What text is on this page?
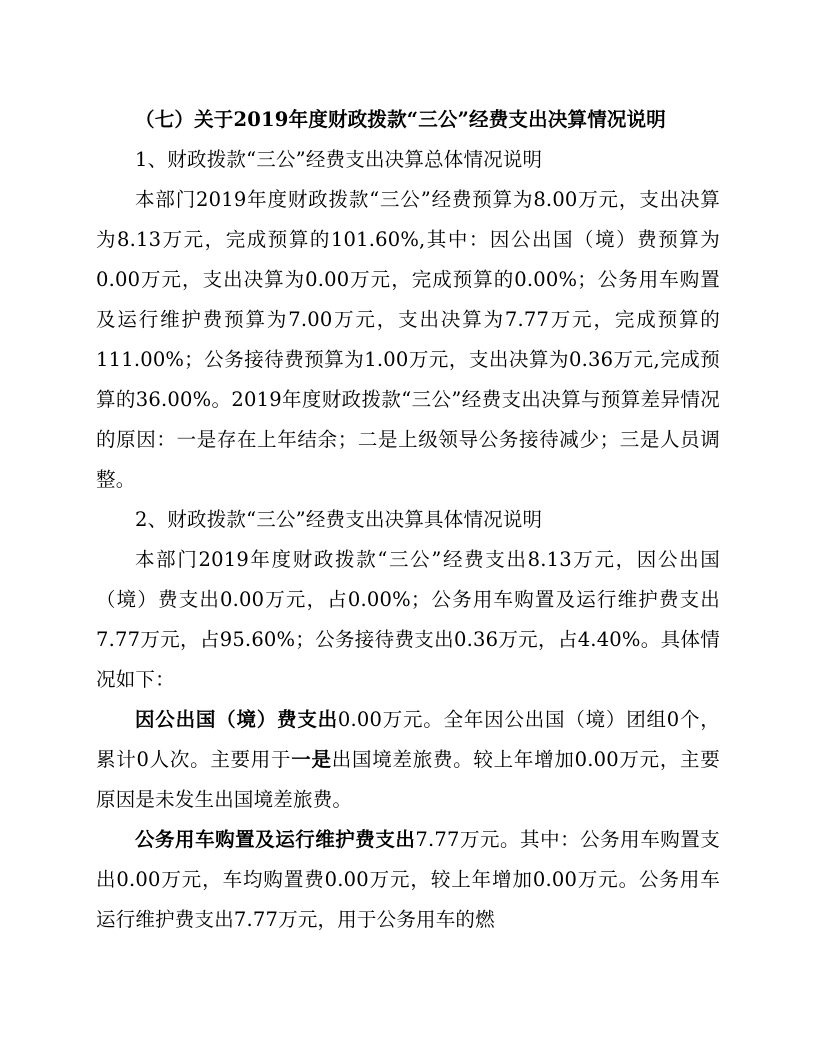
（七）关于2019年度财政拨款“三公”经费支出决算情况说明

1、财政拨款“三公”经费支出决算总体情况说明

本部门2019年度财政拨款“三公”经费预算为8.00万元，支出决算为8.13万元，完成预算的101.60%,其中：因公出国（境）费预算为0.00万元，支出决算为0.00万元，完成预算的0.00%；公务用车购置及运行维护费预算为7.00万元，支出决算为7.77万元，完成预算的111.00%；公务接待费预算为1.00万元，支出决算为0.36万元,完成预算的36.00%。2019年度财政拨款“三公”经费支出决算与预算差异情况的原因：一是存在上年结余；二是上级领导公务接待减少；三是人员调整。

2、财政拨款“三公”经费支出决算具体情况说明

本部门2019年度财政拨款“三公”经费支出8.13万元，因公出国（境）费支出0.00万元，占0.00%；公务用车购置及运行维护费支出7.77万元，占95.60%；公务接待费支出0.36万元，占4.40%。具体情况如下：

因公出国（境）费支出0.00万元。全年因公出国（境）团组0个，累计0人次。主要用于一是出国境差旅费。较上年增加0.00万元，主要原因是未发生出国境差旅费。

公务用车购置及运行维护费支出7.77万元。其中：公务用车购置支出0.00万元，车均购置费0.00万元，较上年增加0.00万元。公务用车运行维护费支出7.77万元，用于公务用车的燃
